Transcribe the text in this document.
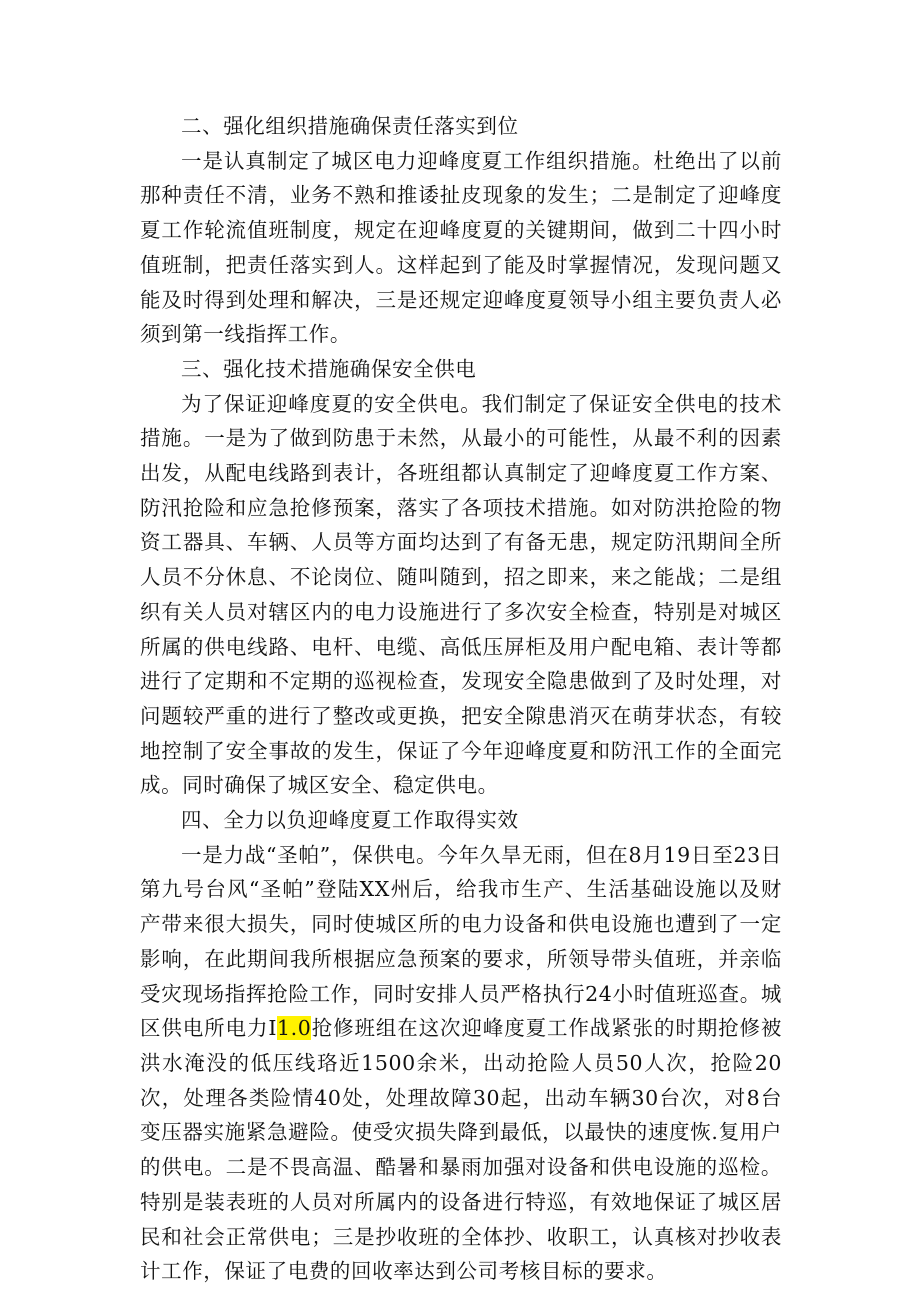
二、强化组织措施确保责任落实到位

一是认真制定了城区电力迎峰度夏工作组织措施。杜绝出了以前那种责任不清，业务不熟和推诿扯皮现象的发生；二是制定了迎峰度夏工作轮流值班制度，规定在迎峰度夏的关键期间，做到二十四小时值班制，把责任落实到人。这样起到了能及时掌握情况，发现问题又能及时得到处理和解决，三是还规定迎峰度夏领导小组主要负责人必须到第一线指挥工作。

三、强化技术措施确保安全供电

为了保证迎峰度夏的安全供电。我们制定了保证安全供电的技术措施。一是为了做到防患于未然，从最小的可能性，从最不利的因素出发，从配电线路到表计，各班组都认真制定了迎峰度夏工作方案、防汛抢险和应急抢修预案，落实了各项技术措施。如对防洪抢险的物资工器具、车辆、人员等方面均达到了有备无患，规定防汛期间全所人员不分休息、不论岗位、随叫随到，招之即来，来之能战；二是组织有关人员对辖区内的电力设施进行了多次安全检查，特别是对城区所属的供电线路、电杆、电缆、高低压屏柜及用户配电箱、表计等都进行了定期和不定期的巡视检查，发现安全隐患做到了及时处理，对问题较严重的进行了整改或更换，把安全隙患消灭在萌芽状态，有较地控制了安全事故的发生，保证了今年迎峰度夏和防汛工作的全面完成。同时确保了城区安全、稳定供电。

四、全力以负迎峰度夏工作取得实效

一是力战“圣帕”，保供电。今年久旱无雨，但在8月19日至23日第九号台风“圣帕”登陆XX州后，给我市生产、生活基础设施以及财产带来很大损失，同时使城区所的电力设备和供电设施也遭到了一定影响，在此期间我所根据应急预案的要求，所领导带头值班，并亲临受灾现场指挥抢险工作，同时安排人员严格执行24小时值班巡查。城区供电所电力I1.0抢修班组在这次迎峰度夏工作战紧张的时期抢修被洪水淹没的低压线珞近1500余米，出动抢险人员50人次，抢险20次，处理各类险情40处，处理故障30起，出动车辆30台次，对8台变压器实施紧急避险。使受灾损失降到最低，以最快的速度恢.复用户的供电。二是不畏高温、酷暑和暴雨加强对设备和供电设施的巡检。特别是装表班的人员对所属内的设备进行特巡，有效地保证了城区居民和社会正常供电；三是抄收班的全体抄、收职工，认真核对抄收表计工作，保证了电费的回收率达到公司考核目标的要求。
